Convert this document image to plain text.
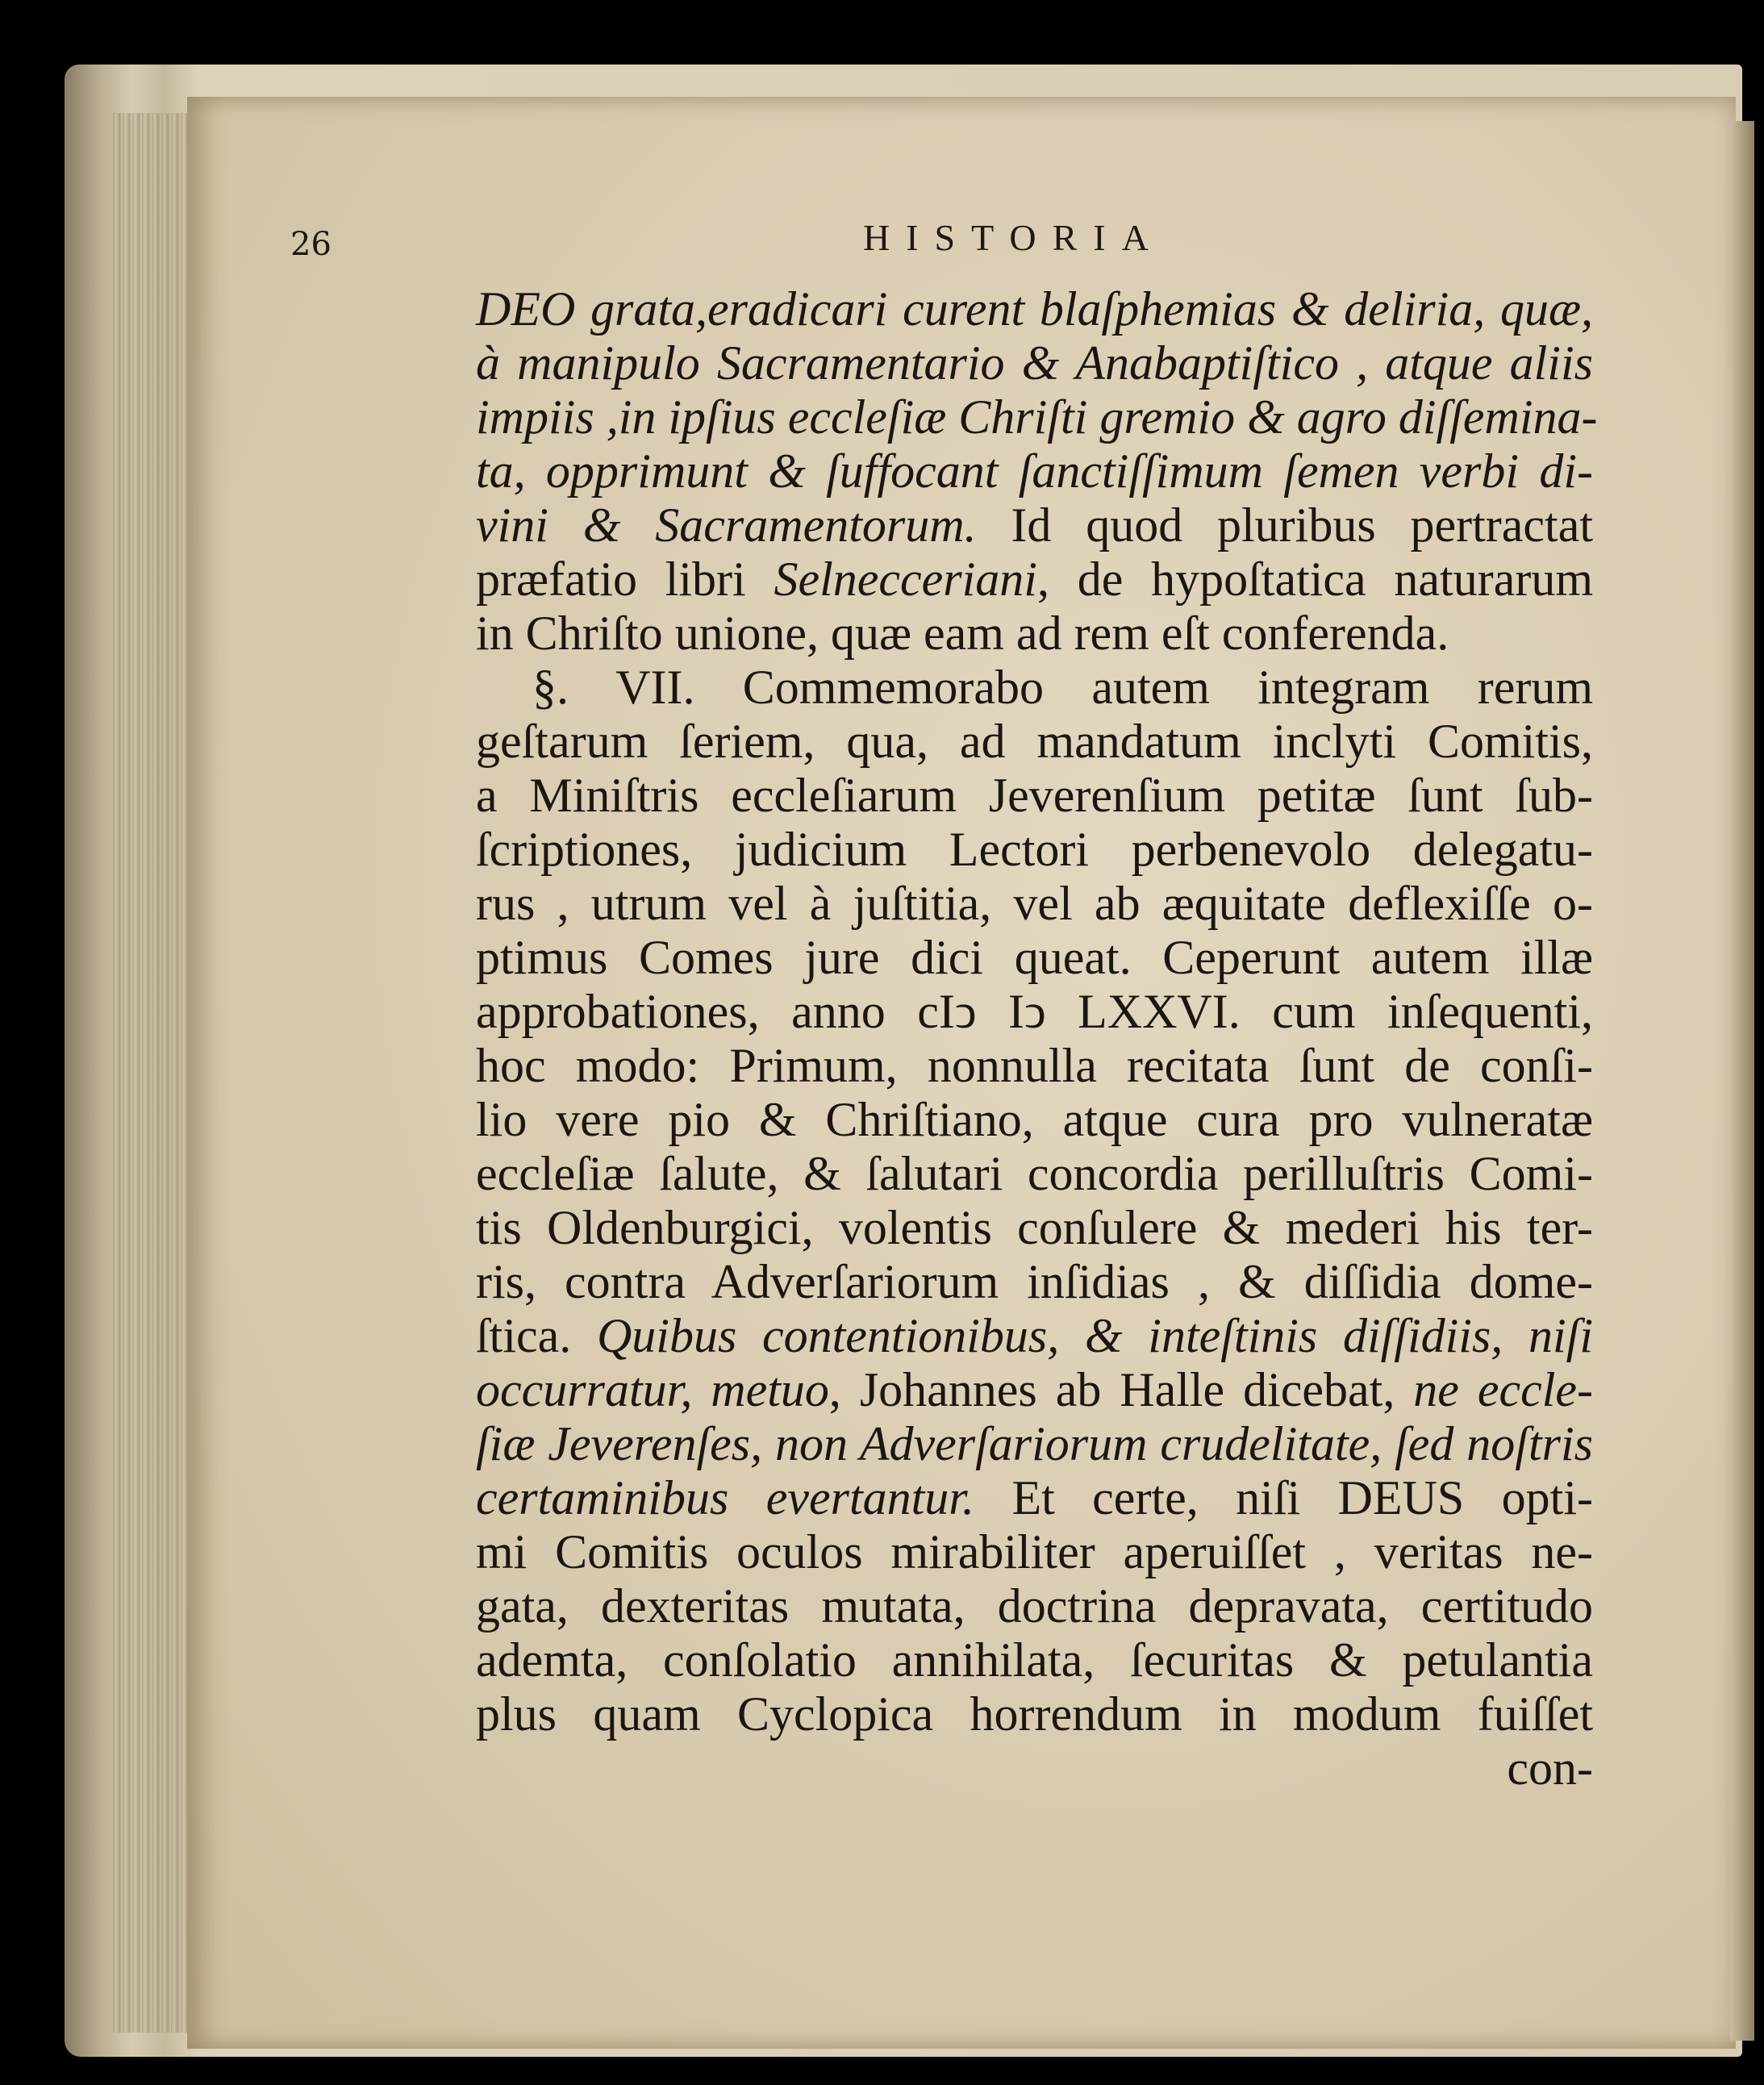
26	HISTORIA
DEO grata,eradicari curent blaſphemias & deliria, quæ,
à manipulo Sacramentario & Anabaptiſtico , atque aliis
impiis ,in ipſius eccleſiæ Chriſti gremio & agro diſſemina-
ta, opprimunt & ſuffocant ſanctiſſimum ſemen verbi di-
vini & Sacramentorum. Id quod pluribus pertractat
præfatio libri Selnecceriani, de hypoſtatica naturarum
in Chriſto unione, quæ eam ad rem eſt conferenda.
§. VII. Commemorabo autem integram rerum
geſtarum ſeriem, qua, ad mandatum inclyti Comitis,
a Miniſtris eccleſiarum Jeverenſium petitæ ſunt ſub-
ſcriptiones, judicium Lectori perbenevolo delegatu-
rus , utrum vel à juſtitia, vel ab æquitate deflexiſſe o-
ptimus Comes jure dici queat. Ceperunt autem illæ
approbationes, anno cIↄ Iↄ LXXVI. cum inſequenti,
hoc modo: Primum, nonnulla recitata ſunt de conſi-
lio vere pio & Chriſtiano, atque cura pro vulneratæ
eccleſiæ ſalute, & ſalutari concordia perilluſtris Comi-
tis Oldenburgici, volentis conſulere & mederi his ter-
ris, contra Adverſariorum inſidias , & diſſidia dome-
ſtica. Quibus contentionibus, & inteſtinis diſſidiis, niſi
occurratur, metuo, Johannes ab Halle dicebat, ne eccle-
ſiæ Jeverenſes, non Adverſariorum crudelitate, ſed noſtris
certaminibus evertantur. Et certe, niſi DEUS opti-
mi Comitis oculos mirabiliter aperuiſſet , veritas ne-
gata, dexteritas mutata, doctrina depravata, certitudo
ademta, conſolatio annihilata, ſecuritas & petulantia
plus quam Cyclopica horrendum in modum fuiſſet
con-
